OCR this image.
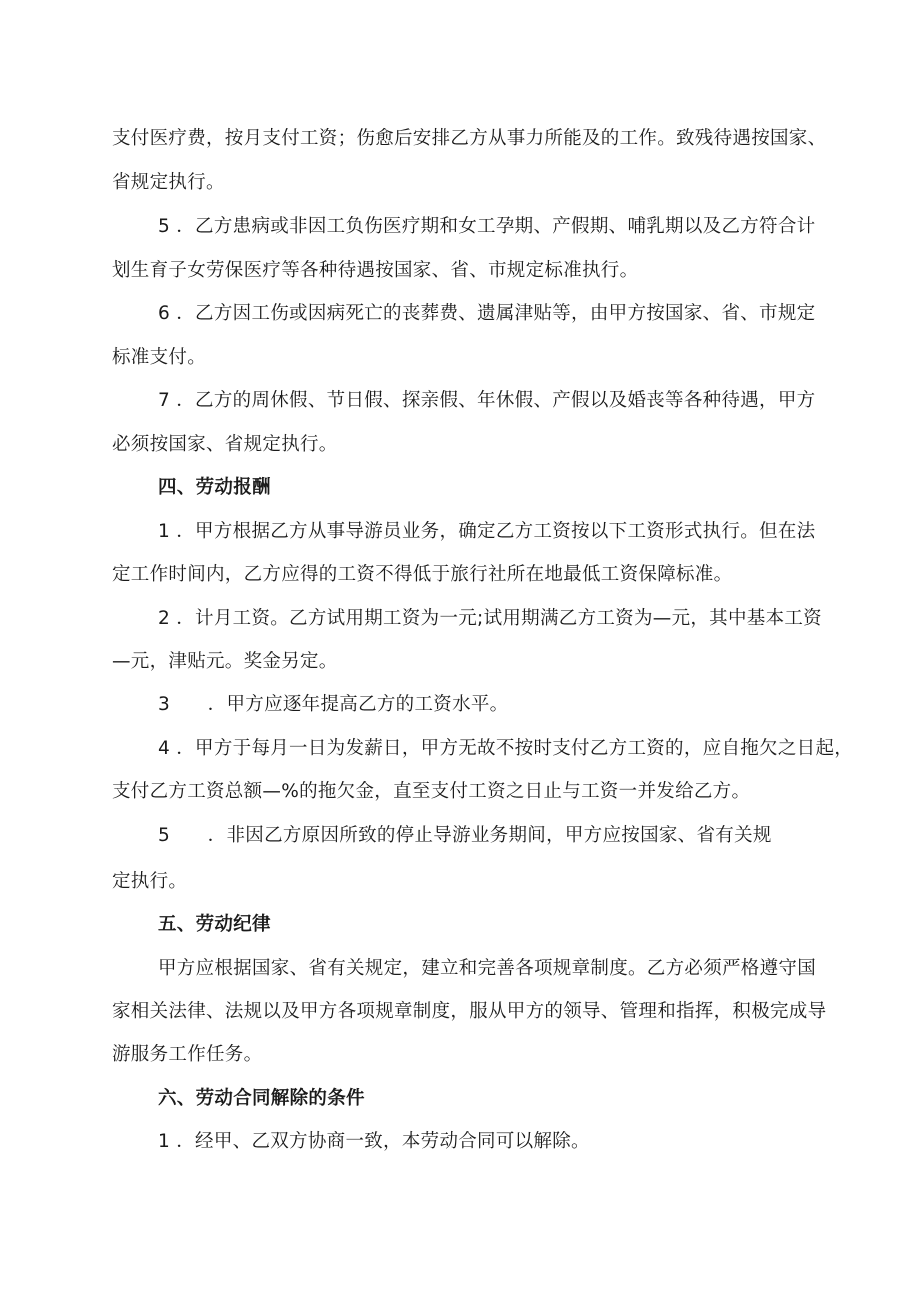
支付医疗费，按月支付工资；伤愈后安排乙方从事力所能及的工作。致残待遇按国家、

省规定执行。

5 ．乙方患病或非因工负伤医疗期和女工孕期、产假期、哺乳期以及乙方符合计

划生育子女劳保医疗等各种待遇按国家、省、市规定标准执行。

6 ．乙方因工伤或因病死亡的丧葬费、遗属津贴等，由甲方按国家、省、市规定

标准支付。

7 ．乙方的周休假、节日假、探亲假、年休假、产假以及婚丧等各种待遇，甲方

必须按国家、省规定执行。

四、劳动报酬

1 ．甲方根据乙方从事导游员业务，确定乙方工资按以下工资形式执行。但在法

定工作时间内，乙方应得的工资不得低于旅行社所在地最低工资保障标准。

2 ．计月工资。乙方试用期工资为一元;试用期满乙方工资为—元，其中基本工资

—元，津贴元。奖金另定。

3　　．甲方应逐年提高乙方的工资水平。

4 ．甲方于每月一日为发薪日，甲方无故不按时支付乙方工资的，应自拖欠之日起，

支付乙方工资总额—%的拖欠金，直至支付工资之日止与工资一并发给乙方。

5　　．非因乙方原因所致的停止导游业务期间，甲方应按国家、省有关规

定执行。

五、劳动纪律

甲方应根据国家、省有关规定，建立和完善各项规章制度。乙方必须严格遵守国

家相关法律、法规以及甲方各项规章制度，服从甲方的领导、管理和指挥，积极完成导

游服务工作任务。

六、劳动合同解除的条件

1 ．经甲、乙双方协商一致，本劳动合同可以解除。
